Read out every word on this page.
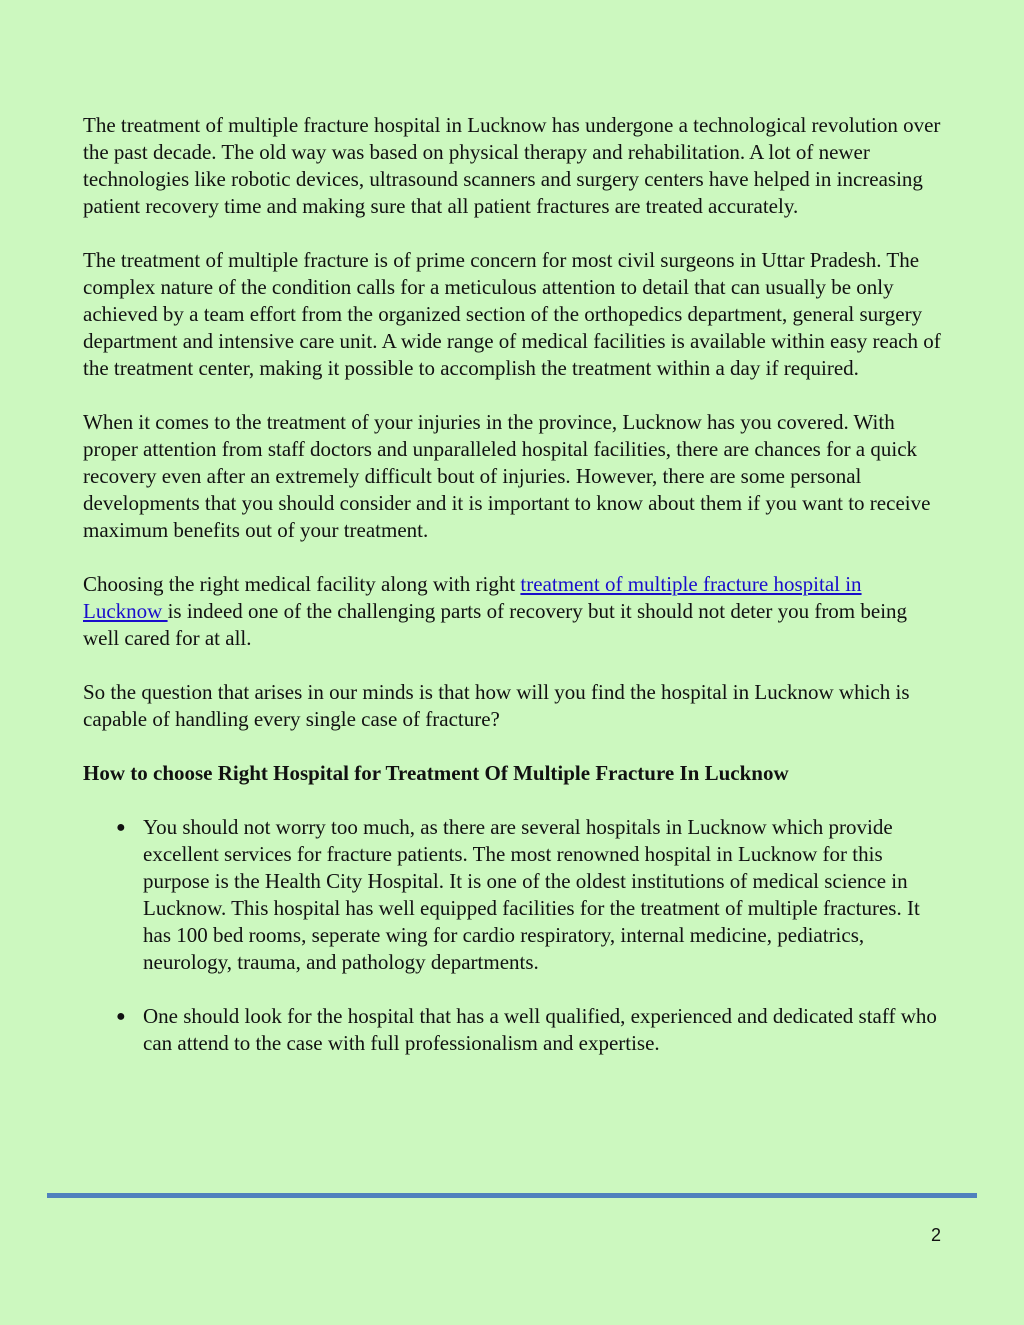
The treatment of multiple fracture hospital in Lucknow has undergone a technological revolution over the past decade. The old way was based on physical therapy and rehabilitation. A lot of newer technologies like robotic devices, ultrasound scanners and surgery centers have helped in increasing patient recovery time and making sure that all patient fractures are treated accurately.

The treatment of multiple fracture is of prime concern for most civil surgeons in Uttar Pradesh. The complex nature of the condition calls for a meticulous attention to detail that can usually be only achieved by a team effort from the organized section of the orthopedics department, general surgery department and intensive care unit. A wide range of medical facilities is available within easy reach of the treatment center, making it possible to accomplish the treatment within a day if required.

When it comes to the treatment of your injuries in the province, Lucknow has you covered. With proper attention from staff doctors and unparalleled hospital facilities, there are chances for a quick recovery even after an extremely difficult bout of injuries. However, there are some personal developments that you should consider and it is important to know about them if you want to receive maximum benefits out of your treatment.

Choosing the right medical facility along with right treatment of multiple fracture hospital in Lucknow is indeed one of the challenging parts of recovery but it should not deter you from being well cared for at all.

So the question that arises in our minds is that how will you find the hospital in Lucknow which is capable of handling every single case of fracture?

How to choose Right Hospital for Treatment Of Multiple Fracture In Lucknow

● You should not worry too much, as there are several hospitals in Lucknow which provide excellent services for fracture patients. The most renowned hospital in Lucknow for this purpose is the Health City Hospital. It is one of the oldest institutions of medical science in Lucknow. This hospital has well equipped facilities for the treatment of multiple fractures. It has 100 bed rooms, seperate wing for cardio respiratory, internal medicine, pediatrics, neurology, trauma, and pathology departments.
● One should look for the hospital that has a well qualified, experienced and dedicated staff who can attend to the case with full professionalism and expertise.
2
